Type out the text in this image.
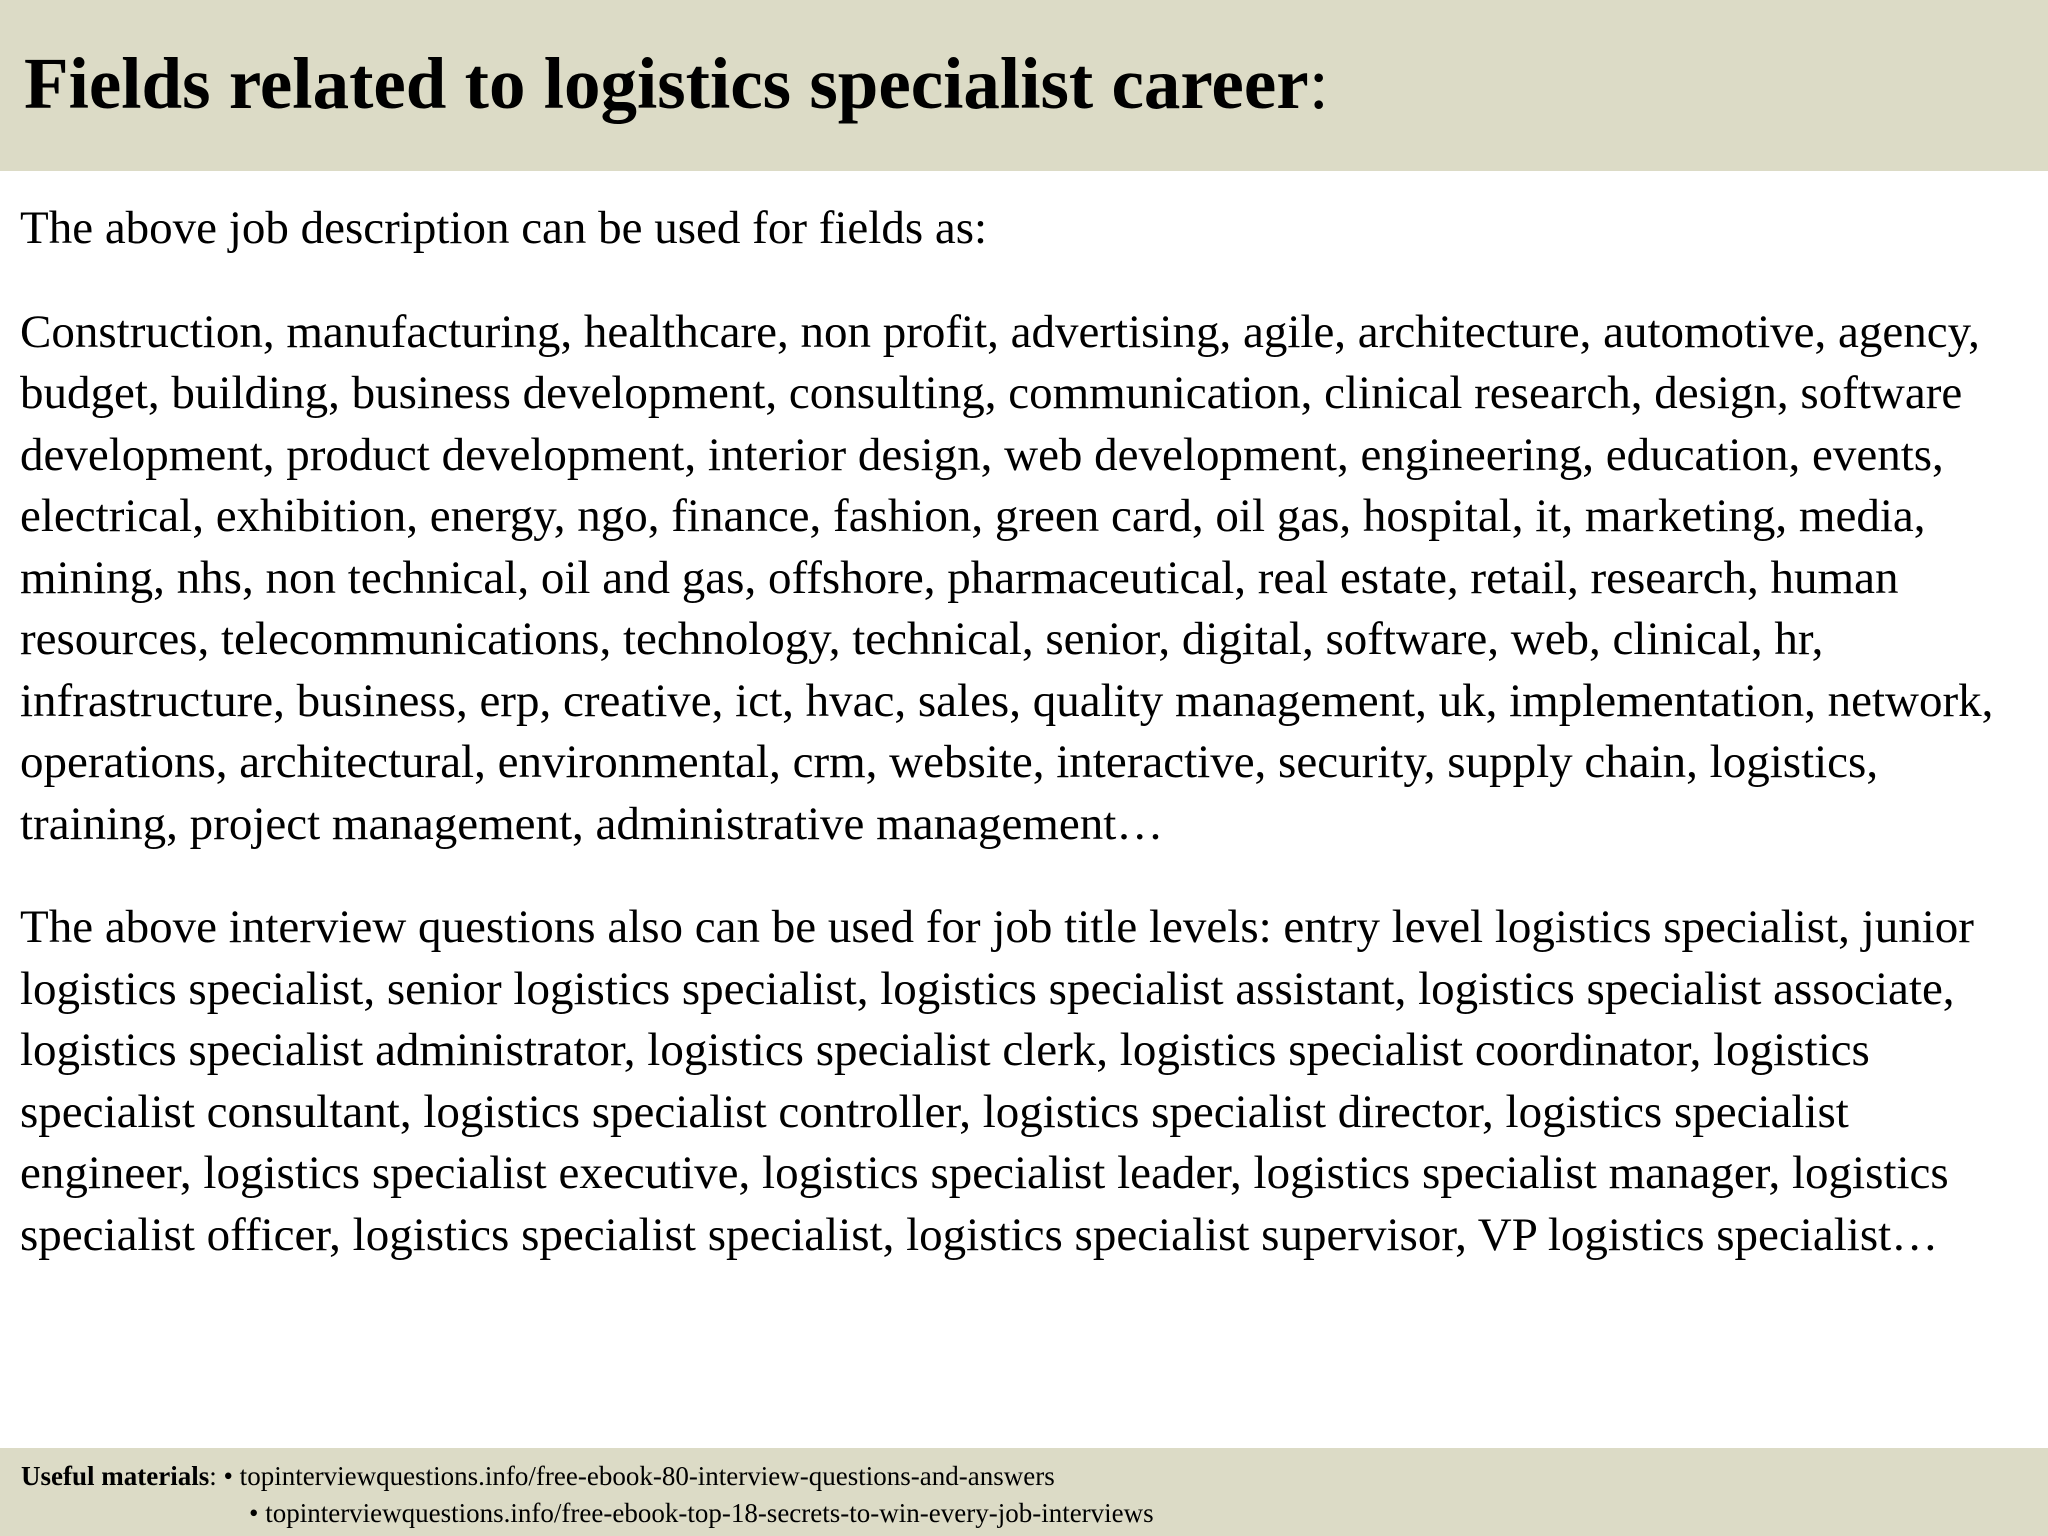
Fields related to logistics specialist career:

The above job description can be used for fields as:

Construction, manufacturing, healthcare, non profit, advertising, agile, architecture, automotive, agency, budget, building, business development, consulting, communication, clinical research, design, software development, product development, interior design, web development, engineering, education, events, electrical, exhibition, energy, ngo, finance, fashion, green card, oil gas, hospital, it, marketing, media, mining, nhs, non technical, oil and gas, offshore, pharmaceutical, real estate, retail, research, human resources, telecommunications, technology, technical, senior, digital, software, web, clinical, hr, infrastructure, business, erp, creative, ict, hvac, sales, quality management, uk, implementation, network, operations, architectural, environmental, crm, website, interactive, security, supply chain, logistics, training, project management, administrative management…

The above interview questions also can be used for job title levels: entry level logistics specialist, junior logistics specialist, senior logistics specialist, logistics specialist assistant, logistics specialist associate, logistics specialist administrator, logistics specialist clerk, logistics specialist coordinator, logistics specialist consultant, logistics specialist controller, logistics specialist director, logistics specialist engineer, logistics specialist executive, logistics specialist leader, logistics specialist manager, logistics specialist officer, logistics specialist specialist, logistics specialist supervisor, VP logistics specialist…

Useful materials: • topinterviewquestions.info/free-ebook-80-interview-questions-and-answers
• topinterviewquestions.info/free-ebook-top-18-secrets-to-win-every-job-interviews
